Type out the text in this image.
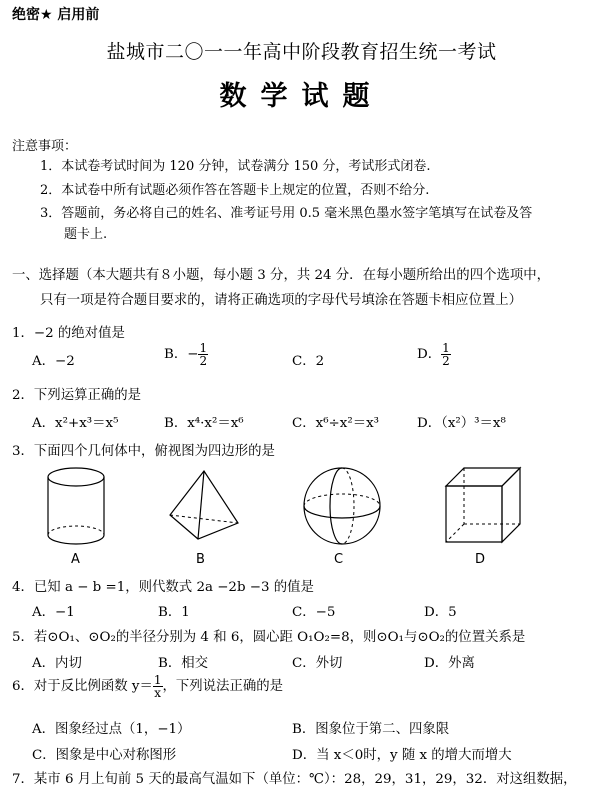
绝密★ 启用前
盐城市二〇一一年高中阶段教育招生统一考试
数学试题
注意事项：
1．本试卷考试时间为 120 分钟，试卷满分 150 分，考试形式闭卷.
2．本试卷中所有试题必须作答在答题卡上规定的位置，否则不给分.
3．答题前，务必将自己的姓名、准考证号用 0.5 毫米黑色墨水签字笔填写在试卷及答
题卡上.
一、选择题（本大题共有８小题，每小题 3 分，共 24 分．在每小题所给出的四个选项中，
只有一项是符合题目要求的，请将正确选项的字母代号填涂在答题卡相应位置上）
1．−2 的绝对值是
A．−2	B．− $\frac{1}{2}$	C．2	D． $\frac{1}{2}$
2．下列运算正确的是
A．x²+x³＝x⁵	B．x⁴·x²＝x⁶	C．x⁶÷x²＝x³	D．（x²）³＝x⁸
3．下面四个几何体中，俯视图为四边形的是
A	B	C	D
4．已知 a − b =1，则代数式 2a −2b −3 的值是
A．−1	B．1	C．−5	D．5
5．若⊙O₁、⊙O₂的半径分别为 4 和 6，圆心距 O₁O₂=8，则⊙O₁与⊙O₂的位置关系是
A．内切	B．相交	C．外切	D．外离
6．对于反比例函数 $y= \frac{1}{x}$ ，下列说法正确的是
A．图象经过点（1，−1）	B．图象位于第二、四象限
C．图象是中心对称图形	D．当 x＜0时，y 随 x 的增大而增大
7．某市 6 月上旬前 5 天的最高气温如下（单位：℃）：28，29，31，29，32．对这组数据，
